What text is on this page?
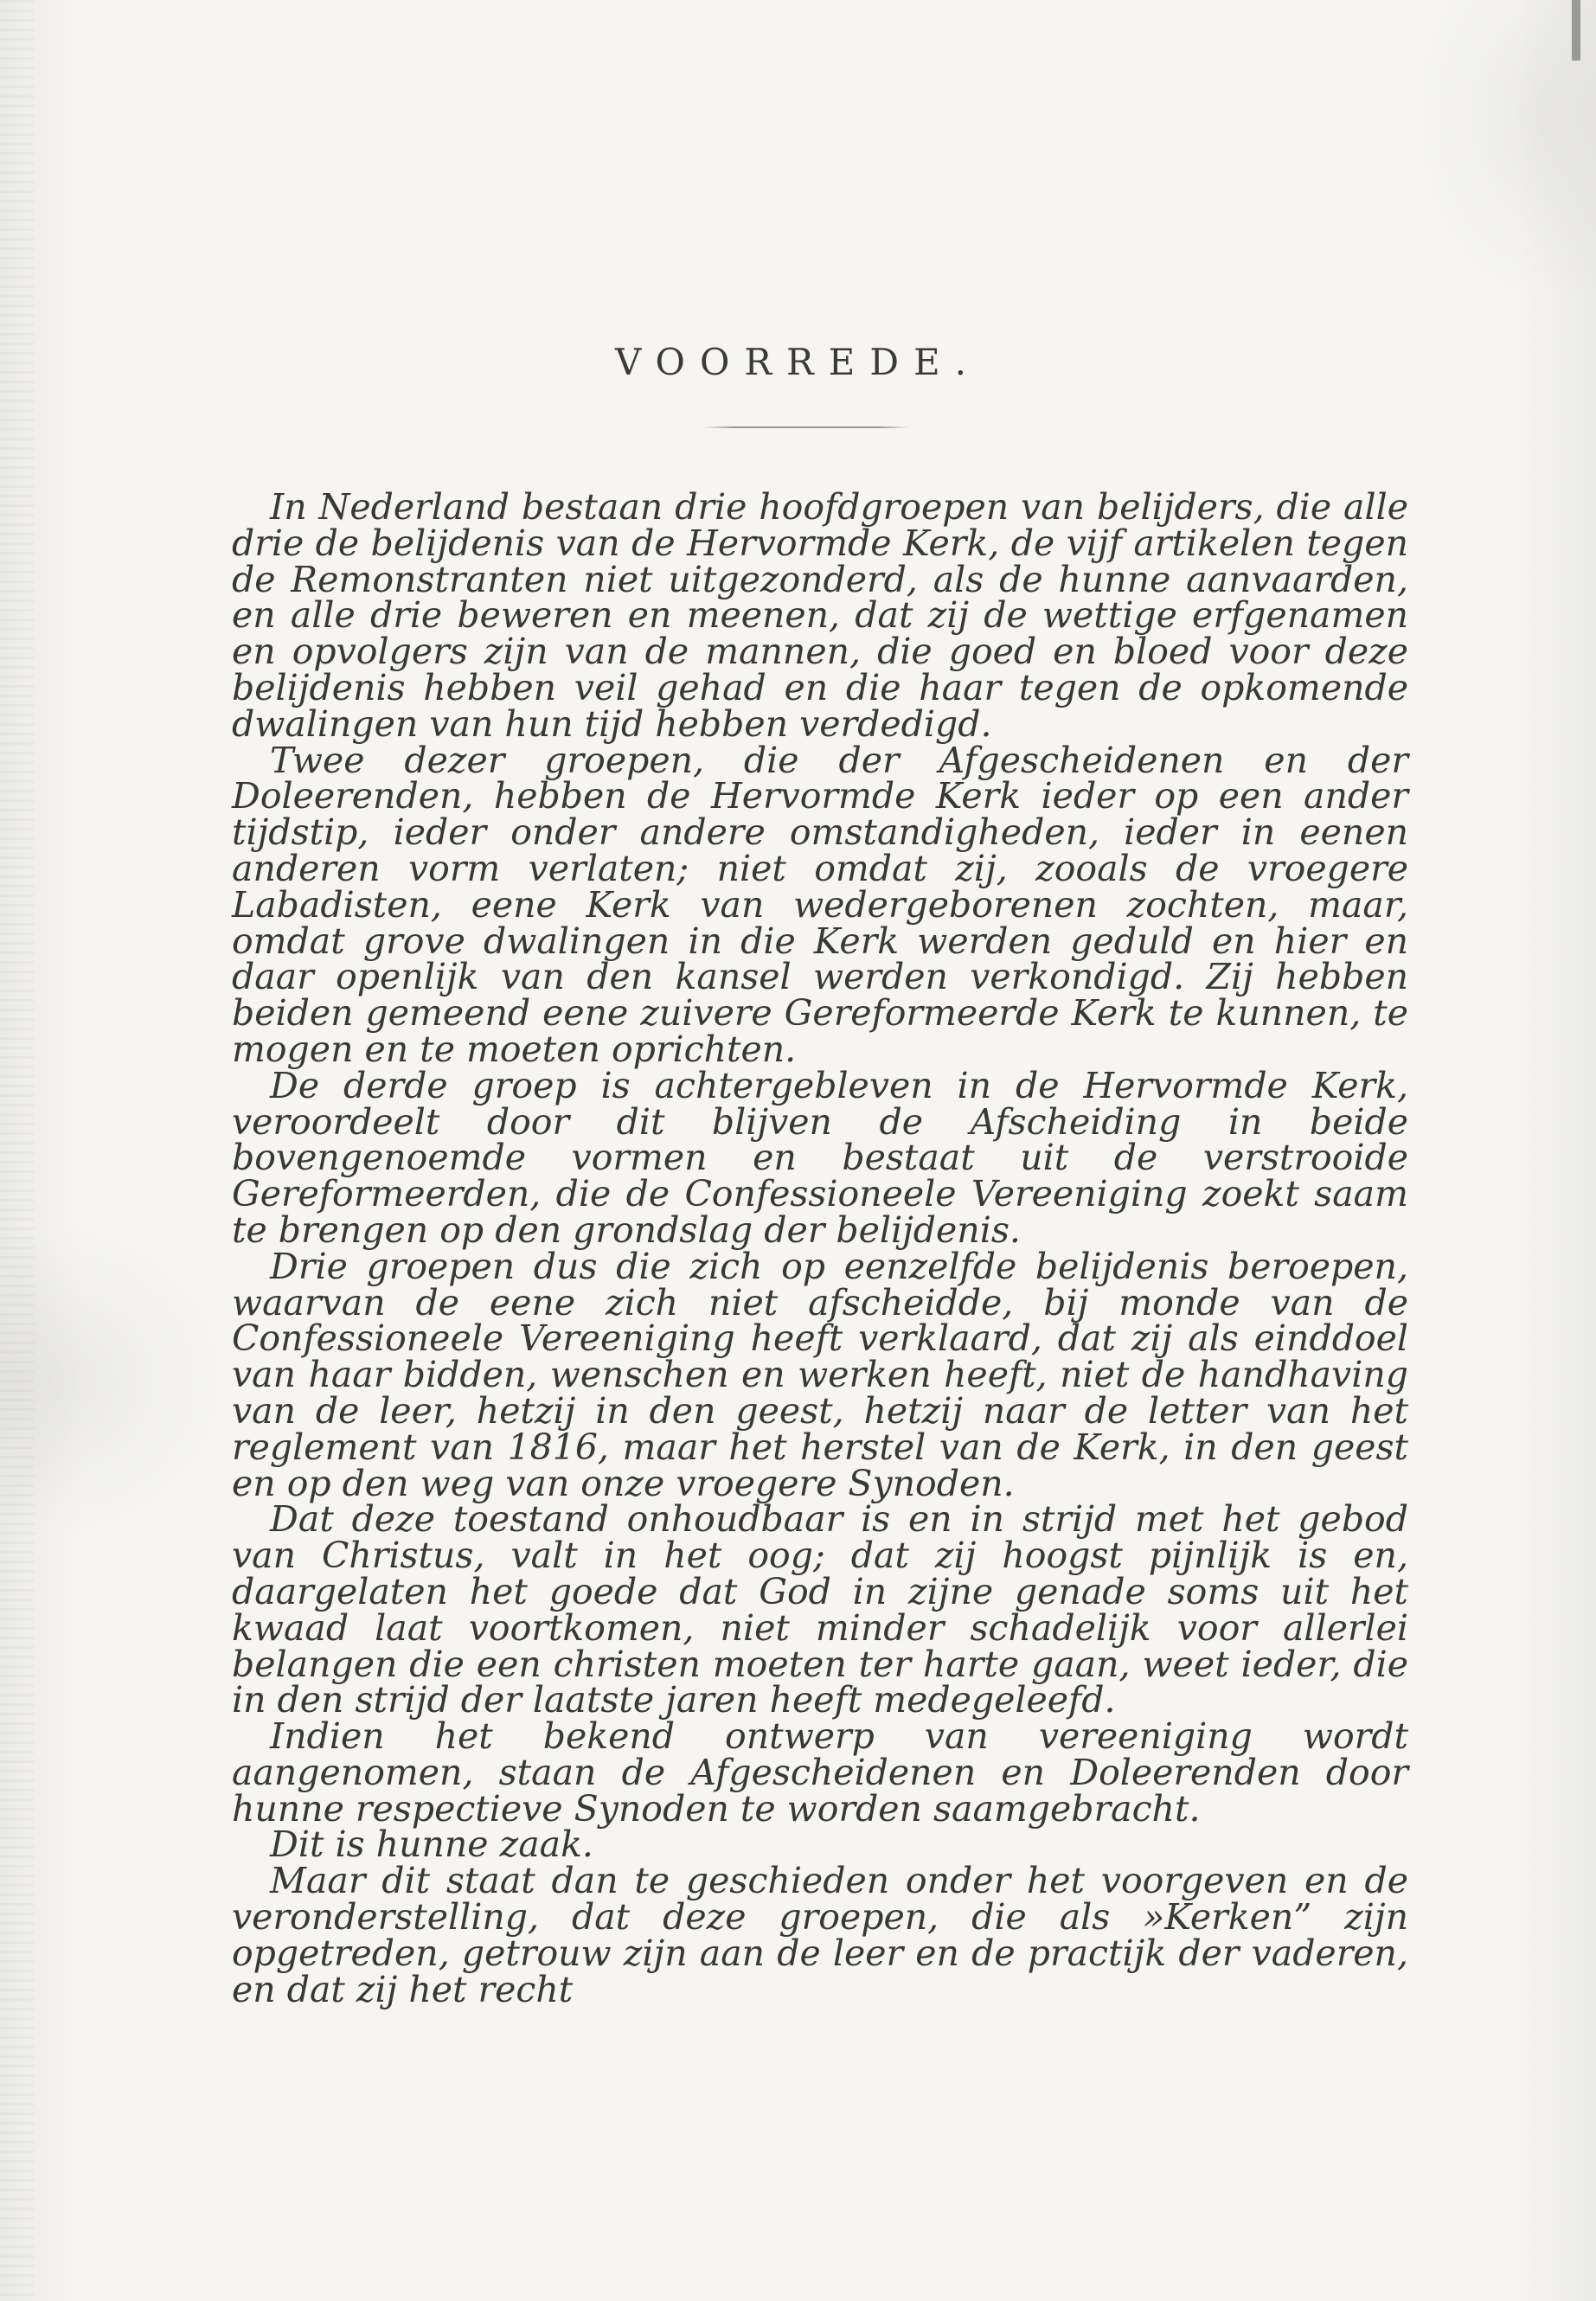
VOORREDE.

In Nederland bestaan drie hoofdgroepen van belijders, die alle drie de belijdenis van de Hervormde Kerk, de vijf artikelen tegen de Remonstranten niet uitgezonderd, als de hunne aanvaarden, en alle drie beweren en meenen, dat zij de wettige erfgenamen en opvolgers zijn van de mannen, die goed en bloed voor deze belijdenis hebben veil gehad en die haar tegen de opkomende dwalingen van hun tijd hebben verdedigd.

Twee dezer groepen, die der Afgescheidenen en der Doleerenden, hebben de Hervormde Kerk ieder op een ander tijdstip, ieder onder andere omstandigheden, ieder in eenen anderen vorm verlaten; niet omdat zij, zooals de vroegere Labadisten, eene Kerk van wedergeborenen zochten, maar, omdat grove dwalingen in die Kerk werden geduld en hier en daar openlijk van den kansel werden verkondigd. Zij hebben beiden gemeend eene zuivere Gereformeerde Kerk te kunnen, te mogen en te moeten oprichten.

De derde groep is achtergebleven in de Hervormde Kerk, veroordeelt door dit blijven de Afscheiding in beide bovengenoemde vormen en bestaat uit de verstrooide Gereformeerden, die de Confessioneele Vereeniging zoekt saam te brengen op den grondslag der belijdenis.

Drie groepen dus die zich op eenzelfde belijdenis beroepen, waarvan de eene zich niet afscheidde, bij monde van de Confessioneele Vereeniging heeft verklaard, dat zij als einddoel van haar bidden, wenschen en werken heeft, niet de handhaving van de leer, hetzij in den geest, hetzij naar de letter van het reglement van 1816, maar het herstel van de Kerk, in den geest en op den weg van onze vroegere Synoden.

Dat deze toestand onhoudbaar is en in strijd met het gebod van Christus, valt in het oog; dat zij hoogst pijnlijk is en, daargelaten het goede dat God in zijne genade soms uit het kwaad laat voortkomen, niet minder schadelijk voor allerlei belangen die een christen moeten ter harte gaan, weet ieder, die in den strijd der laatste jaren heeft medegeleefd.

Indien het bekend ontwerp van vereeniging wordt aangenomen, staan de Afgescheidenen en Doleerenden door hunne respectieve Synoden te worden saamgebracht.

Dit is hunne zaak.

Maar dit staat dan te geschieden onder het voorgeven en de veronderstelling, dat deze groepen, die als »Kerken” zijn opgetreden, getrouw zijn aan de leer en de practijk der vaderen, en dat zij het recht
